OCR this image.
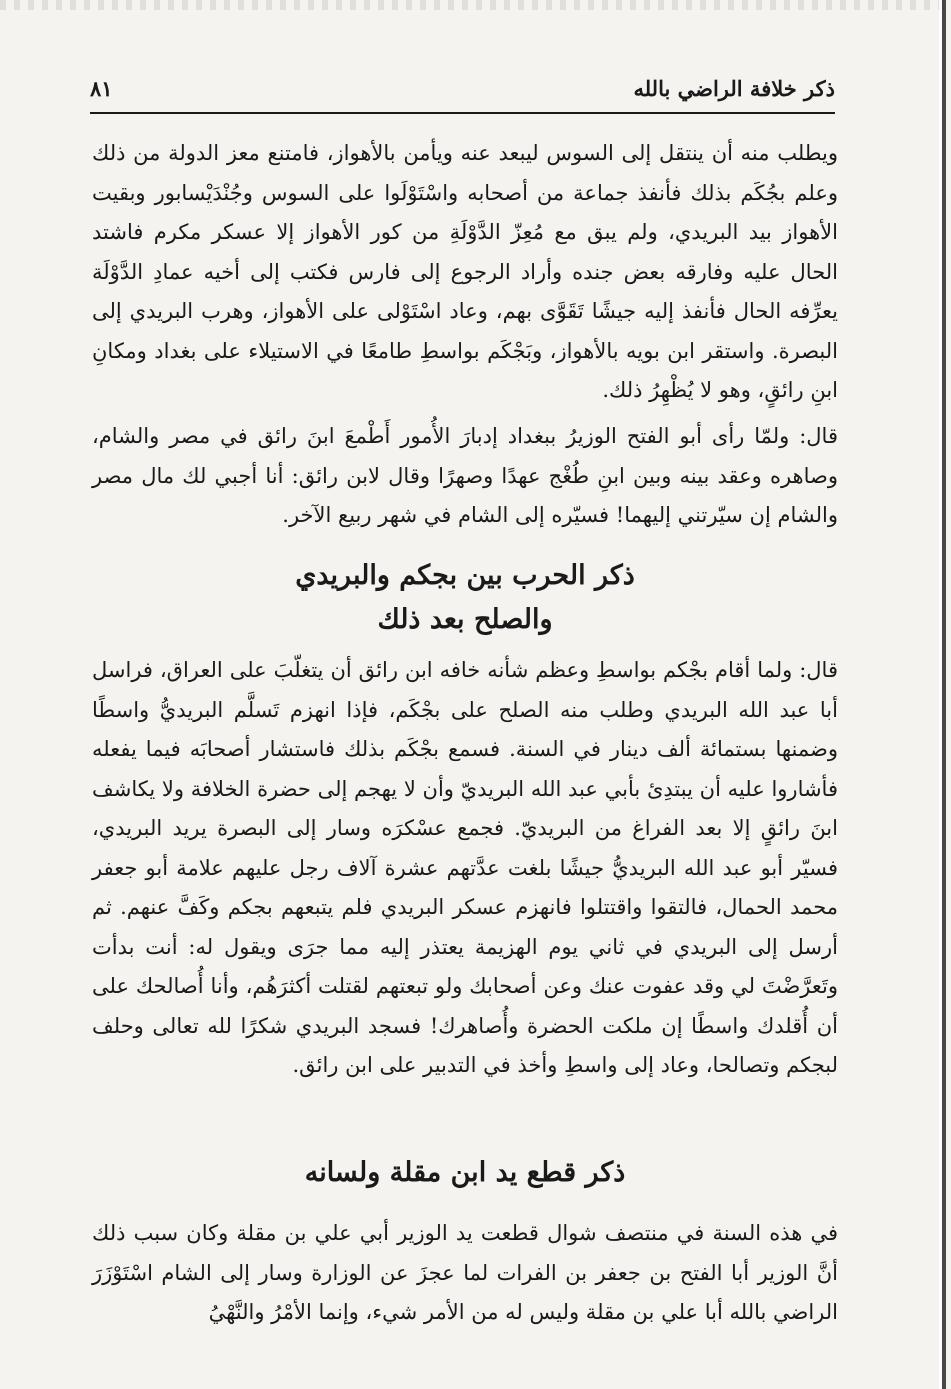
ذكر خلافة الراضي بالله
٨١

ويطلب منه أن ينتقل إلى السوس ليبعد عنه ويأمن بالأهواز، فامتنع معز الدولة من ذلك وعلم بجُكَم بذلك فأنفذ جماعة من أصحابه واسْتَوْلَوا على السوس وجُنْدَيْسابور وبقيت الأهواز بيد البريدي، ولم يبق مع مُعِزّ الدَّوْلَةِ من كور الأهواز إلا عسكر مكرم فاشتد الحال عليه وفارقه بعض جنده وأراد الرجوع إلى فارس فكتب إلى أخيه عمادِ الدَّوْلَة يعرِّفه الحال فأنفذ إليه جيشًا تَقَوَّى بهم، وعاد اسْتَوْلى على الأهواز، وهرب البريدي إلى البصرة. واستقر ابن بويه بالأهواز، وبَجْكَم بواسطِ طامعًا في الاستيلاء على بغداد ومكانِ ابنِ رائقٍ، وهو لا يُظْهِرُ ذلك.

قال: ولمّا رأى أبو الفتح الوزيرُ ببغداد إدبارَ الأُمور أَطْمعَ ابنَ رائق في مصر والشام، وصاهره وعقد بينه وبين ابنِ طُغْج عهدًا وصهرًا وقال لابن رائق: أنا أجبي لك مال مصر والشام إن سيّرتني إليهما! فسيّره إلى الشام في شهر ربيع الآخر.

ذكر الحرب بين بجكم والبريدي
والصلح بعد ذلك

قال: ولما أقام بجْكم بواسطِ وعظم شأنه خافه ابن رائق أن يتغلّبَ على العراق، فراسل أبا عبد الله البريدي وطلب منه الصلح على بجْكَم، فإذا انهزم تَسلَّم البريديُّ واسطًا وضمنها بستمائة ألف دينار في السنة. فسمع بجْكَم بذلك فاستشار أصحابَه فيما يفعله فأشاروا عليه أن يبتدِئ بأبي عبد الله البريديّ وأن لا يهجم إلى حضرة الخلافة ولا يكاشف ابنَ رائقٍ إلا بعد الفراغ من البريديّ. فجمع عسْكرَه وسار إلى البصرة يريد البريدي، فسيّر أبو عبد الله البريديُّ جيشًا بلغت عدَّتهم عشرة آلاف رجل عليهم علامة أبو جعفر محمد الحمال، فالتقوا واقتتلوا فانهزم عسكر البريدي فلم يتبعهم بجكم وكَفَّ عنهم. ثم أرسل إلى البريدي في ثاني يوم الهزيمة يعتذر إليه مما جرَى ويقول له: أنت بدأت وتَعرَّضْتَ لي وقد عفوت عنك وعن أصحابك ولو تبعتهم لقتلت أكثرَهُم، وأنا أُصالحك على أن أُقلدك واسطًا إن ملكت الحضرة وأُصاهرك! فسجد البريدي شكرًا لله تعالى وحلف لبجكم وتصالحا، وعاد إلى واسطِ وأخذ في التدبير على ابن رائق.

ذكر قطع يد ابن مقلة ولسانه

في هذه السنة في منتصف شوال قطعت يد الوزير أبي علي بن مقلة وكان سبب ذلك أنَّ الوزير أبا الفتح بن جعفر بن الفرات لما عجزَ عن الوزارة وسار إلى الشام اسْتَوْزَرَ الراضي بالله أبا علي بن مقلة وليس له من الأمر شيء، وإنما الأمْرُ والنَّهْيُ
